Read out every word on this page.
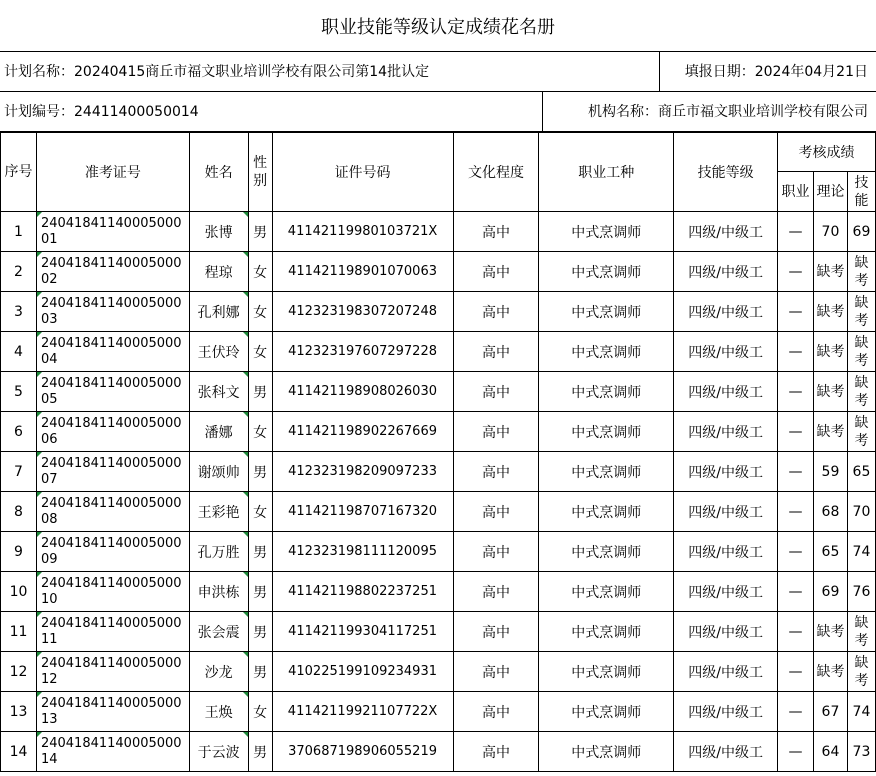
职业技能等级认定成绩花名册
计划名称：20240415商丘市福文职业培训学校有限公司第14批认定	填报日期：2024年04月21日
计划编号：24411400050014	机构名称：商丘市福文职业培训学校有限公司
序号	准考证号	姓名	性别	证件号码	文化程度	职业工种	技能等级	考核成绩		
								职业	理论	技能
1	2404184114000500001	张博	男	41142119980103721X	高中	中式烹调师	四级/中级工	—	70	69
2	2404184114000500002	程琼	女	411421198901070063	高中	中式烹调师	四级/中级工	—	缺考	缺考
3	2404184114000500003	孔利娜	女	412323198307207248	高中	中式烹调师	四级/中级工	—	缺考	缺考
4	2404184114000500004	王伏玲	女	412323197607297228	高中	中式烹调师	四级/中级工	—	缺考	缺考
5	2404184114000500005	张科文	男	411421198908026030	高中	中式烹调师	四级/中级工	—	缺考	缺考
6	2404184114000500006	潘娜	女	411421198902267669	高中	中式烹调师	四级/中级工	—	缺考	缺考
7	2404184114000500007	谢颂帅	男	412323198209097233	高中	中式烹调师	四级/中级工	—	59	65
8	2404184114000500008	王彩艳	女	411421198707167320	高中	中式烹调师	四级/中级工	—	68	70
9	2404184114000500009	孔万胜	男	412323198111120095	高中	中式烹调师	四级/中级工	—	65	74
10	2404184114000500010	申洪栋	男	411421198802237251	高中	中式烹调师	四级/中级工	—	69	76
11	2404184114000500011	张会震	男	411421199304117251	高中	中式烹调师	四级/中级工	—	缺考	缺考
12	2404184114000500012	沙龙	男	410225199109234931	高中	中式烹调师	四级/中级工	—	缺考	缺考
13	2404184114000500013	王焕	女	41142119921107722X	高中	中式烹调师	四级/中级工	—	67	74
14	2404184114000500014	于云波	男	370687198906055219	高中	中式烹调师	四级/中级工	—	64	73
